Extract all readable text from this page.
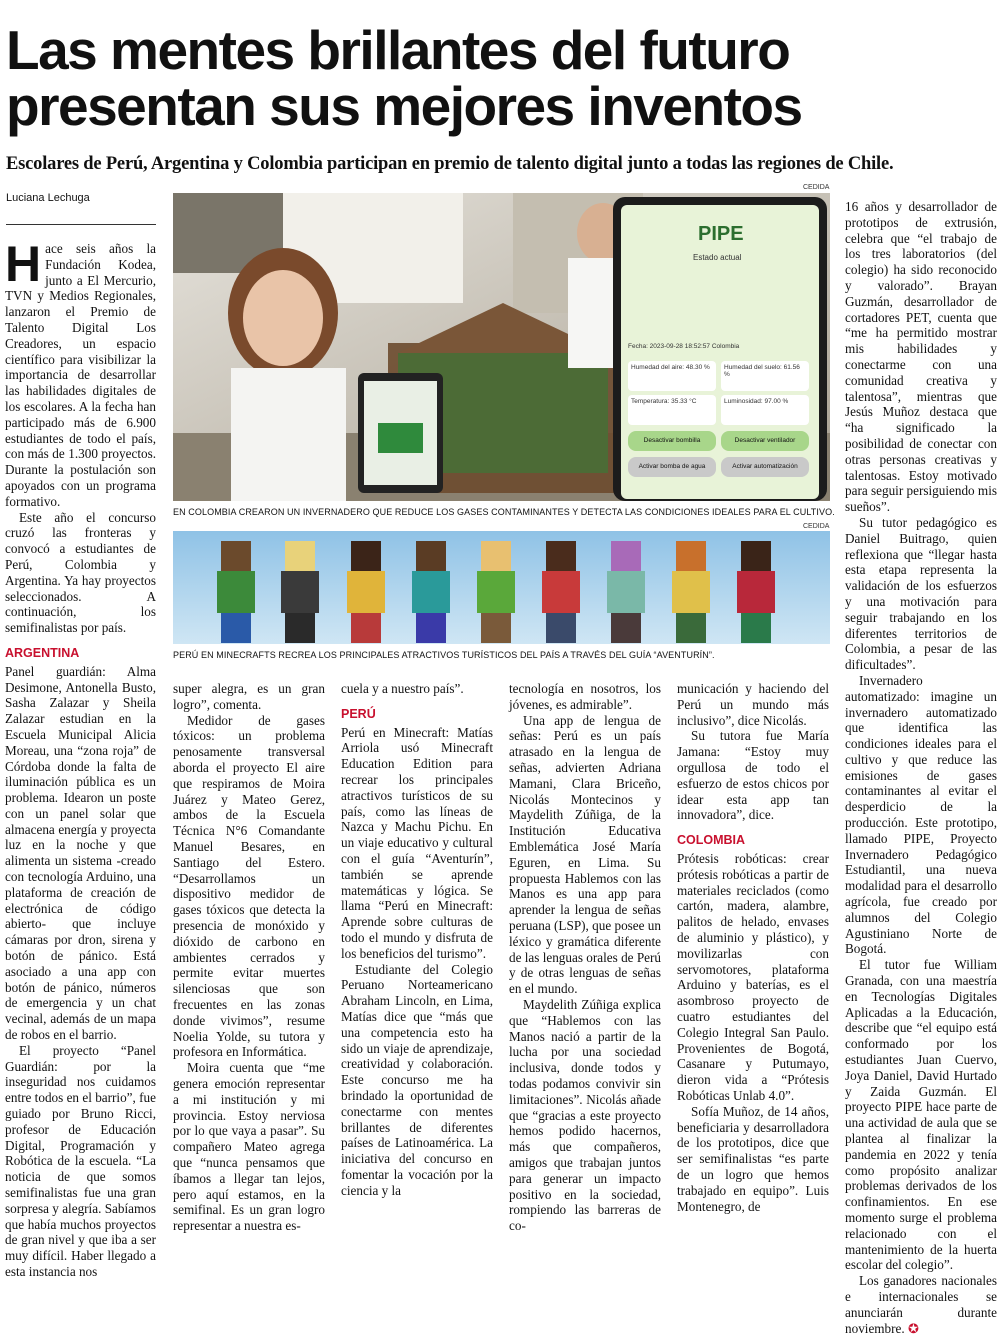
Las mentes brillantes del futuro presentan sus mejores inventos

Escolares de Perú, Argentina y Colombia participan en premio de talento digital junto a todas las regiones de Chile.

Luciana Lechuga
CEDIDA
PIPE
Estado actual
Fecha: 2023-09-28 18:52:57 Colombia
Humedad del aire: 48.30 %	Humedad del suelo: 61.56 %
Temperatura: 35.33 °C	Luminosidad: 97.00 %
Desactivar bombilla	Desactivar ventilador
Activar bomba de agua	Activar automatización
EN COLOMBIA CREARON UN INVERNADERO QUE REDUCE LOS GASES CONTAMINANTES Y DETECTA LAS CONDICIONES IDEALES PARA EL CULTIVO.
CEDIDA
PERÚ EN MINECRAFTS RECREA LOS PRINCIPALES ATRACTIVOS TURÍSTICOS DEL PAÍS A TRAVÉS DEL GUÍA “AVENTURÍN”.

Hace seis años la Fundación Kodea, junto a El Mercurio, TVN y Medios Regionales, lanzaron el Premio de Talento Digital Los Creadores, un espacio científico para visibilizar la importancia de desarrollar las habilidades digitales de los escolares. A la fecha han participado más de 6.900 estudiantes de todo el país, con más de 1.300 proyectos. Durante la postulación son apoyados con un programa formativo.

Este año el concurso cruzó las fronteras y convocó a estudiantes de Perú, Colombia y Argentina. Ya hay proyectos seleccionados. A continuación, los semifinalistas por país.

ARGENTINA

Panel guardián: Alma Desimone, Antonella Busto, Sasha Zalazar y Sheila Zalazar estudian en la Escuela Municipal Alicia Moreau, una “zona roja” de Córdoba donde la falta de iluminación pública es un problema. Idearon un poste con un panel solar que almacena energía y proyecta luz en la noche y que alimenta un sistema -creado con tecnología Arduino, una plataforma de creación de electrónica de código abierto- que incluye cámaras por dron, sirena y botón de pánico. Está asociado a una app con botón de pánico, números de emergencia y un chat vecinal, además de un mapa de robos en el barrio.

El proyecto “Panel Guardián: por la inseguridad nos cuidamos entre todos en el barrio”, fue guiado por Bruno Ricci, profesor de Educación Digital, Programación y Robótica de la escuela. “La noticia de que somos semifinalistas fue una gran sorpresa y alegría. Sabíamos que había muchos proyectos de gran nivel y que iba a ser muy difícil. Haber llegado a esta instancia nos

super alegra, es un gran logro”, comenta.

Medidor de gases tóxicos: un problema penosamente transversal aborda el proyecto El aire que respiramos de Moira Juárez y Mateo Gerez, ambos de la Escuela Técnica N°6 Comandante Manuel Besares, en Santiago del Estero. “Desarrollamos un dispositivo medidor de gases tóxicos que detecta la presencia de monóxido y dióxido de carbono en ambientes cerrados y permite evitar muertes silenciosas que son frecuentes en las zonas donde vivimos”, resume Noelia Yolde, su tutora y profesora en Informática.

Moira cuenta que “me genera emoción representar a mi institución y mi provincia. Estoy nerviosa por lo que vaya a pasar”. Su compañero Mateo agrega que “nunca pensamos que íbamos a llegar tan lejos, pero aquí estamos, en la semifinal. Es un gran logro representar a nuestra es-

cuela y a nuestro país”.

PERÚ

Perú en Minecraft: Matías Arriola usó Minecraft Education Edition para recrear los principales atractivos turísticos de su país, como las líneas de Nazca y Machu Pichu. En un viaje educativo y cultural con el guía “Aventurín”, también se aprende matemáticas y lógica. Se llama “Perú en Minecraft: Aprende sobre culturas de todo el mundo y disfruta de los beneficios del turismo”.

Estudiante del Colegio Peruano Norteamericano Abraham Lincoln, en Lima, Matías dice que “más que una competencia esto ha sido un viaje de aprendizaje, creatividad y colaboración. Este concurso me ha brindado la oportunidad de conectarme con mentes brillantes de diferentes países de Latinoamérica. La iniciativa del concurso en fomentar la vocación por la ciencia y la

tecnología en nosotros, los jóvenes, es admirable”.

Una app de lengua de señas: Perú es un país atrasado en la lengua de señas, advierten Adriana Mamani, Clara Briceño, Nicolás Montecinos y Maydelith Zúñiga, de la Institución Educativa Emblemática José María Eguren, en Lima. Su propuesta Hablemos con las Manos es una app para aprender la lengua de señas peruana (LSP), que posee un léxico y gramática diferente de las lenguas orales de Perú y de otras lenguas de señas en el mundo.

Maydelith Zúñiga explica que “Hablemos con las Manos nació a partir de la lucha por una sociedad inclusiva, donde todos y todas podamos convivir sin limitaciones”. Nicolás añade que “gracias a este proyecto hemos podido hacernos, más que compañeros, amigos que trabajan juntos para generar un impacto positivo en la sociedad, rompiendo las barreras de co-

municación y haciendo del Perú un mundo más inclusivo”, dice Nicolás.

Su tutora fue María Jamana: “Estoy muy orgullosa de todo el esfuerzo de estos chicos por idear esta app tan innovadora”, dice.

COLOMBIA

Prótesis robóticas: crear prótesis robóticas a partir de materiales reciclados (como cartón, madera, alambre, palitos de helado, envases de aluminio y plástico), y movilizarlas con servomotores, plataforma Arduino y baterías, es el asombroso proyecto de cuatro estudiantes del Colegio Integral San Paulo. Provenientes de Bogotá, Casanare y Putumayo, dieron vida a “Prótesis Robóticas Unlab 4.0”.

Sofía Muñoz, de 14 años, beneficiaria y desarrolladora de los prototipos, dice que ser semifinalistas “es parte de un logro que hemos trabajado en equipo”. Luis Montenegro, de

16 años y desarrollador de prototipos de extrusión, celebra que “el trabajo de los tres laboratorios (del colegio) ha sido reconocido y valorado”. Brayan Guzmán, desarrollador de cortadores PET, cuenta que “me ha permitido mostrar mis habilidades y conectarme con una comunidad creativa y talentosa”, mientras que Jesús Muñoz destaca que “ha significado la posibilidad de conectar con otras personas creativas y talentosas. Estoy motivado para seguir persiguiendo mis sueños”.

Su tutor pedagógico es Daniel Buitrago, quien reflexiona que “llegar hasta esta etapa representa la validación de los esfuerzos y una motivación para seguir trabajando en los diferentes territorios de Colombia, a pesar de las dificultades”.

Invernadero automatizado: imagine un invernadero automatizado que identifica las condiciones ideales para el cultivo y que reduce las emisiones de gases contaminantes al evitar el desperdicio de la producción. Este prototipo, llamado PIPE, Proyecto Invernadero Pedagógico Estudiantil, una nueva modalidad para el desarrollo agrícola, fue creado por alumnos del Colegio Agustiniano Norte de Bogotá.

El tutor fue William Granada, con una maestría en Tecnologías Digitales Aplicadas a la Educación, describe que “el equipo está conformado por los estudiantes Juan Cuervo, Joya Daniel, David Hurtado y Zaida Guzmán. El proyecto PIPE hace parte de una actividad de aula que se plantea al finalizar la pandemia en 2022 y tenía como propósito analizar problemas derivados de los confinamientos. En ese momento surge el problema relacionado con el mantenimiento de la huerta escolar del colegio”.

Los ganadores nacionales e internacionales se anunciarán durante noviembre. ✪
